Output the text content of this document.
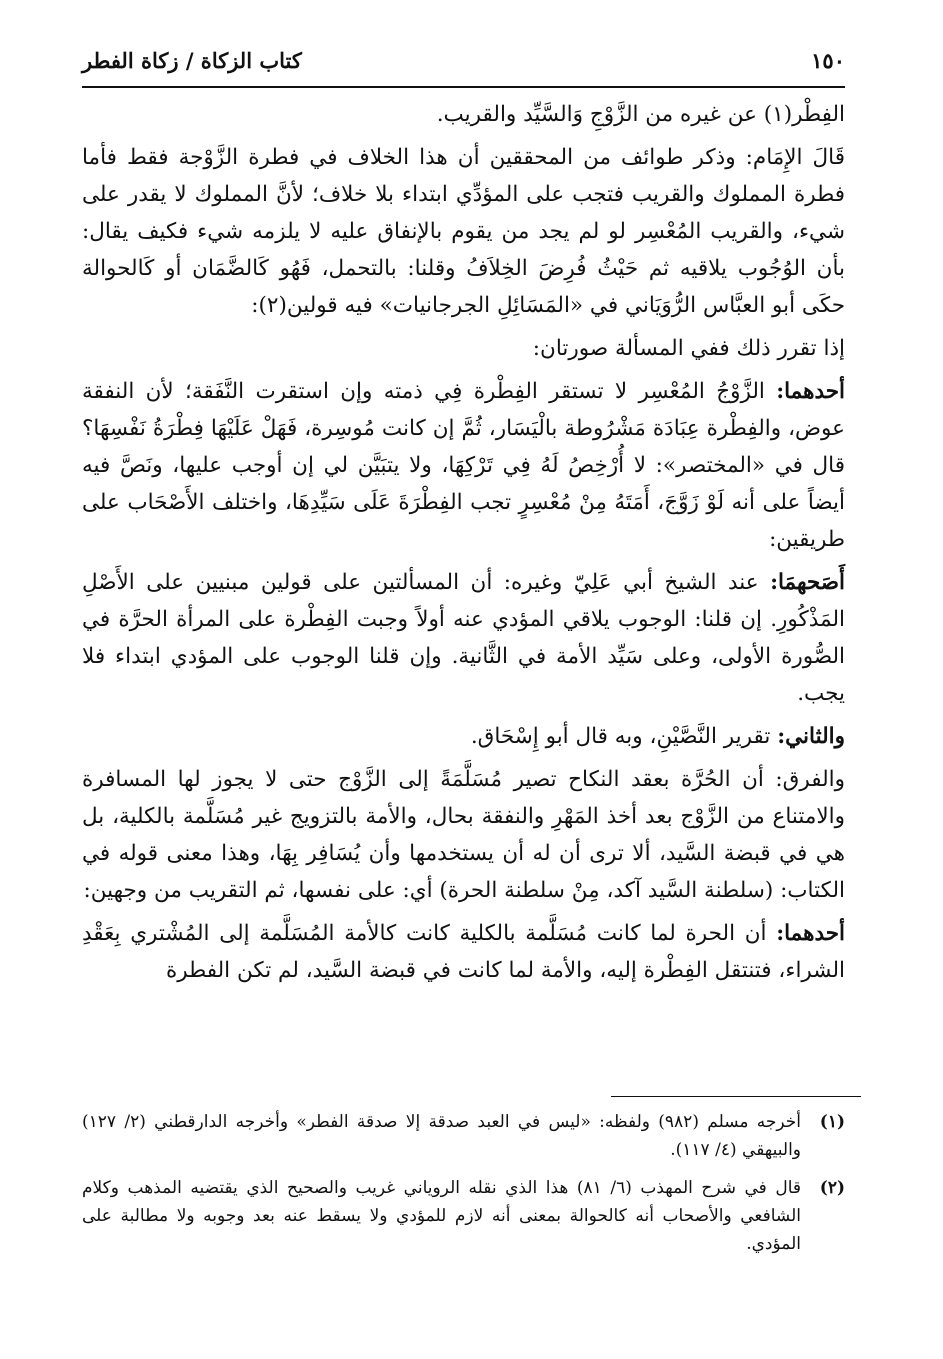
١٥٠
كتاب الزكاة / زكاة الفطر

الفِطْر(١) عن غيره من الزَّوْجِ وَالسَّيِّد والقريب.

قَالَ الإِمَام: وذكر طوائف من المحققين أن هذا الخلاف في فطرة الزَّوْجة فقط فأما فطرة المملوك والقريب فتجب على المؤدِّي ابتداء بلا خلاف؛ لأنَّ المملوك لا يقدر على شيء، والقريب المُعْسِر لو لم يجد من يقوم بالإنفاق عليه لا يلزمه شيء فكيف يقال: بأن الوُجُوب يلاقيه ثم حَيْثُ فُرِضَ الخِلاَفُ وقلنا: بالتحمل، فَهُو كَالضَّمَان أو كَالحوالة حكَى أبو العبَّاس الرُّوَيَاني في «المَسَائِلِ الجرجانيات» فيه قولين(٢):

إذا تقرر ذلك ففي المسألة صورتان:

أحدهما: الزَّوْجُ المُعْسِر لا تستقر الفِطْرة فِي ذمته وإن استقرت النَّفَقة؛ لأن النفقة عوض، والفِطْرة عِبَادَة مَشْرُوطة بالْيَسَار، ثُمَّ إن كانت مُوسِرة، فَهَلْ عَلَيْهَا فِطْرَةُ نَفْسِهَا؟ قال في «المختصر»: لا أُرْخِصُ لَهُ فِي تَرْكِهَا، ولا يتبَيَّن لي إن أوجب عليها، ونَصَّ فيه أيضاً على أنه لَوْ زَوَّجَ، أَمَتَهُ مِنْ مُعْسِرٍ تجب الفِطْرَةَ عَلَى سَيِّدِهَا، واختلف الأَصْحَاب على طريقين:

أَصَحهمَا: عند الشيخ أبي عَلِيّ وغيره: أن المسألتين على قولين مبنيين على الأَصْلِ المَذْكُورِ. إن قلنا: الوجوب يلاقي المؤدي عنه أولاً وجبت الفِطْرة على المرأة الحرَّة في الصُّورة الأولى، وعلى سَيِّد الأمة في الثَّانية. وإن قلنا الوجوب على المؤدي ابتداء فلا يجب.

والثاني: تقرير النَّصَّيْنِ، وبه قال أبو إِسْحَاق.

والفرق: أن الحُرَّة بعقد النكاح تصير مُسَلَّمَةً إلى الزَّوْج حتى لا يجوز لها المسافرة والامتناع من الزَّوْج بعد أخذ المَهْرِ والنفقة بحال، والأمة بالتزويج غير مُسَلَّمة بالكلية، بل هي في قبضة السَّيد، ألا ترى أن له أن يستخدمها وأن يُسَافِر بِهَا، وهذا معنى قوله في الكتاب: (سلطنة السَّيد آكد، مِنْ سلطنة الحرة) أي: على نفسها، ثم التقريب من وجهين:

أحدهما: أن الحرة لما كانت مُسَلَّمة بالكلية كانت كالأمة المُسَلَّمة إلى المُشْتري بِعَقْدِ الشراء، فتنتقل الفِطْرة إليه، والأمة لما كانت في قبضة السَّيد، لم تكن الفطرة

(١)
أخرجه مسلم (٩٨٢) ولفظه: «ليس في العبد صدقة إلا صدقة الفطر» وأخرجه الدارقطني (٢/ ١٢٧) والبيهقي (٤/ ١١٧).
(٢)
قال في شرح المهذب (٦/ ٨١) هذا الذي نقله الروياني غريب والصحيح الذي يقتضيه المذهب وكلام الشافعي والأصحاب أنه كالحوالة بمعنى أنه لازم للمؤدي ولا يسقط عنه بعد وجوبه ولا مطالبة على المؤدي.
